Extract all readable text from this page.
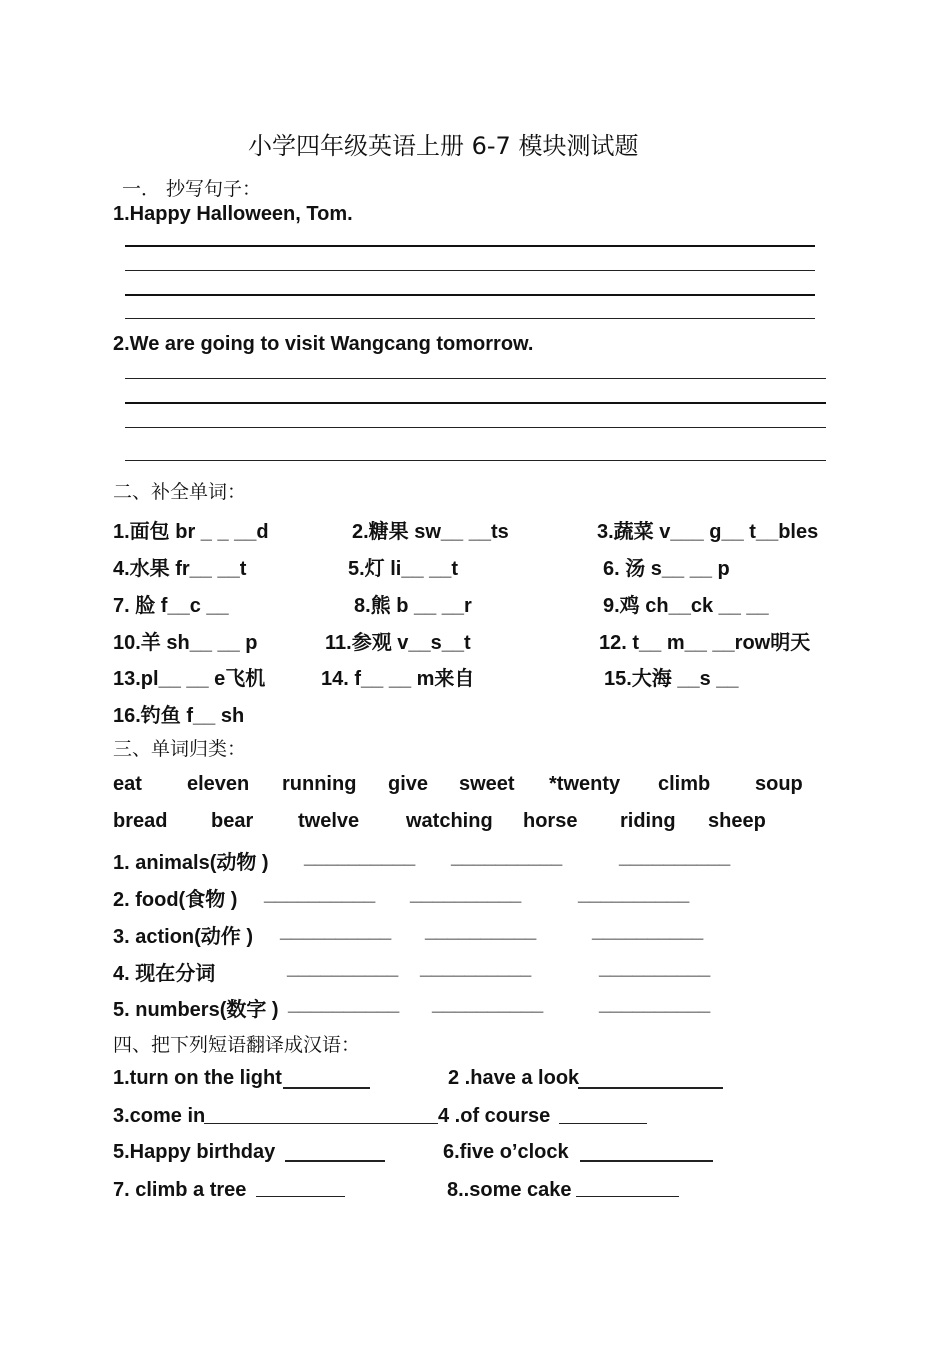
小学四年级英语上册 6-7 模块测试题
一． 抄写句子：
1.Happy Halloween, Tom.
2.We are going to visit Wangcang tomorrow.
二、补全单词：
1.面包 br _ _ __d	2.糖果 sw__ __ts	3.蔬菜 v___ g__ t__bles
4.水果 fr__ __t	5.灯 li__ __t	6. 汤 s__ __ p
7. 脸 f__c __	8.熊 b __ __r	9.鸡 ch__ck __ __
10.羊 sh__ __ p	11.参观 v__s__t	12. t__ m__ __row明天
13.pl__ __ e飞机	14. f__ __ m来自	15.大海 __s __
16.钓鱼 f__ sh
三、单词归类：
eat eleven running give sweet *twenty climb soup
bread bear twelve watching horse riding sheep
1. animals(动物 ) __________ __________	__________
2. food(食物 ) __________ __________	__________
3. action(动作 ) __________ __________	__________
4. 现在分词	__________ __________	__________
5. numbers(数字 ) __________ __________	__________
四、把下列短语翻译成汉语：
1.turn on the light	2 .have a look
3.come in	4 .of course
5.Happy birthday	6.five o’clock
7. climb a tree	8..some cake
